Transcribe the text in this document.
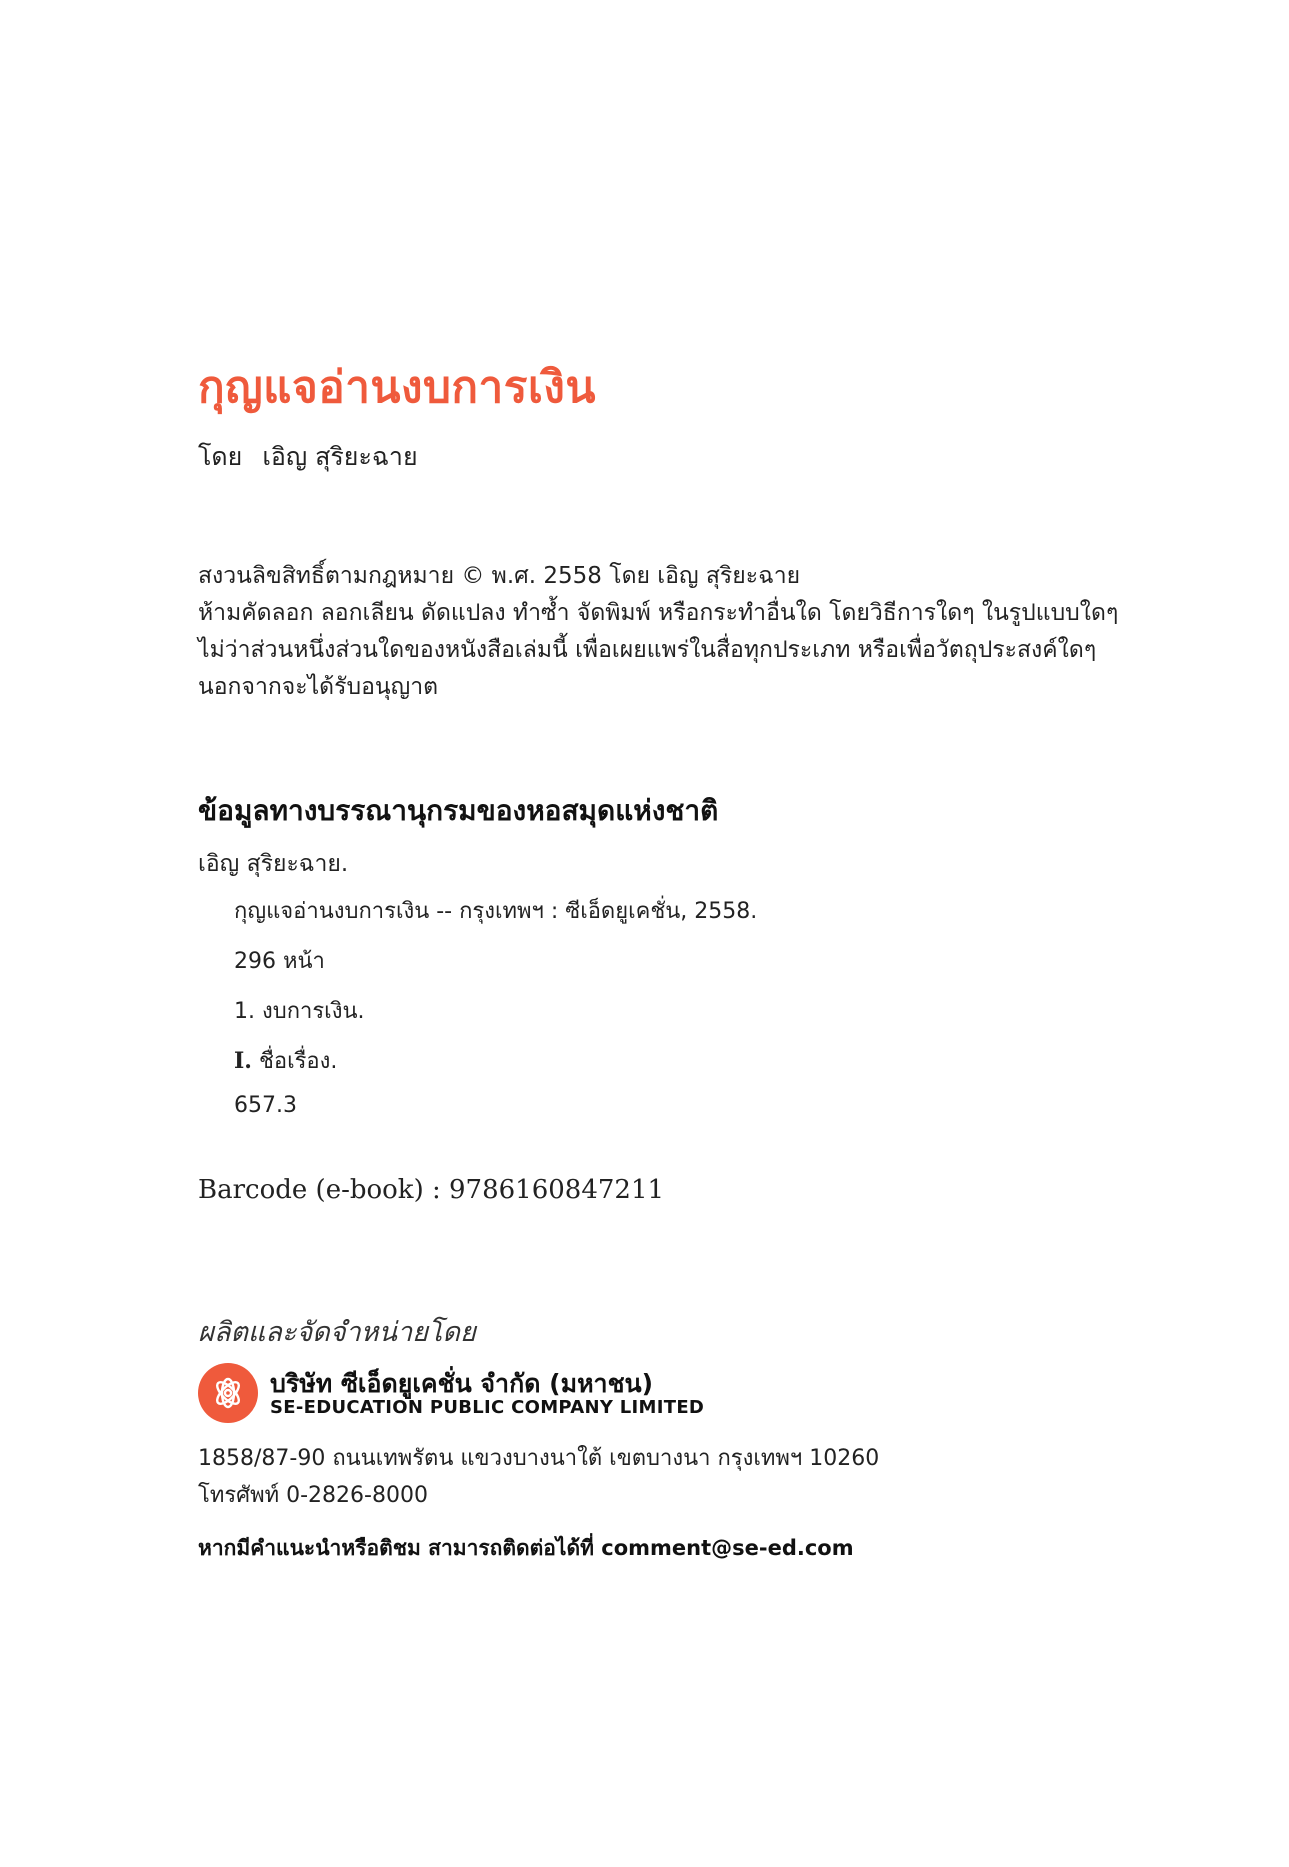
กุญแจอ่านงบการเงิน
โดย เอิญ สุริยะฉาย
สงวนลิขสิทธิ์ตามกฎหมาย © พ.ศ. 2558 โดย เอิญ สุริยะฉาย
ห้ามคัดลอก ลอกเลียน ดัดแปลง ทำซ้ำ จัดพิมพ์ หรือกระทำอื่นใด โดยวิธีการใดๆ ในรูปแบบใดๆ
ไม่ว่าส่วนหนึ่งส่วนใดของหนังสือเล่มนี้ เพื่อเผยแพร่ในสื่อทุกประเภท หรือเพื่อวัตถุประสงค์ใดๆ
นอกจากจะได้รับอนุญาต
ข้อมูลทางบรรณานุกรมของหอสมุดแห่งชาติ
เอิญ สุริยะฉาย.
กุญแจอ่านงบการเงิน -- กรุงเทพฯ : ซีเอ็ดยูเคชั่น, 2558.
296 หน้า
1. งบการเงิน.
I. ชื่อเรื่อง.
657.3
Barcode (e-book) : 9786160847211
ผลิตและจัดจำหน่ายโดย
บริษัท ซีเอ็ดยูเคชั่น จำกัด (มหาชน)
SE-EDUCATION PUBLIC COMPANY LIMITED
1858/87-90 ถนนเทพรัตน แขวงบางนาใต้ เขตบางนา กรุงเทพฯ 10260
โทรศัพท์ 0-2826-8000
หากมีคำแนะนำหรือติชม สามารถติดต่อได้ที่ comment@se-ed.com
